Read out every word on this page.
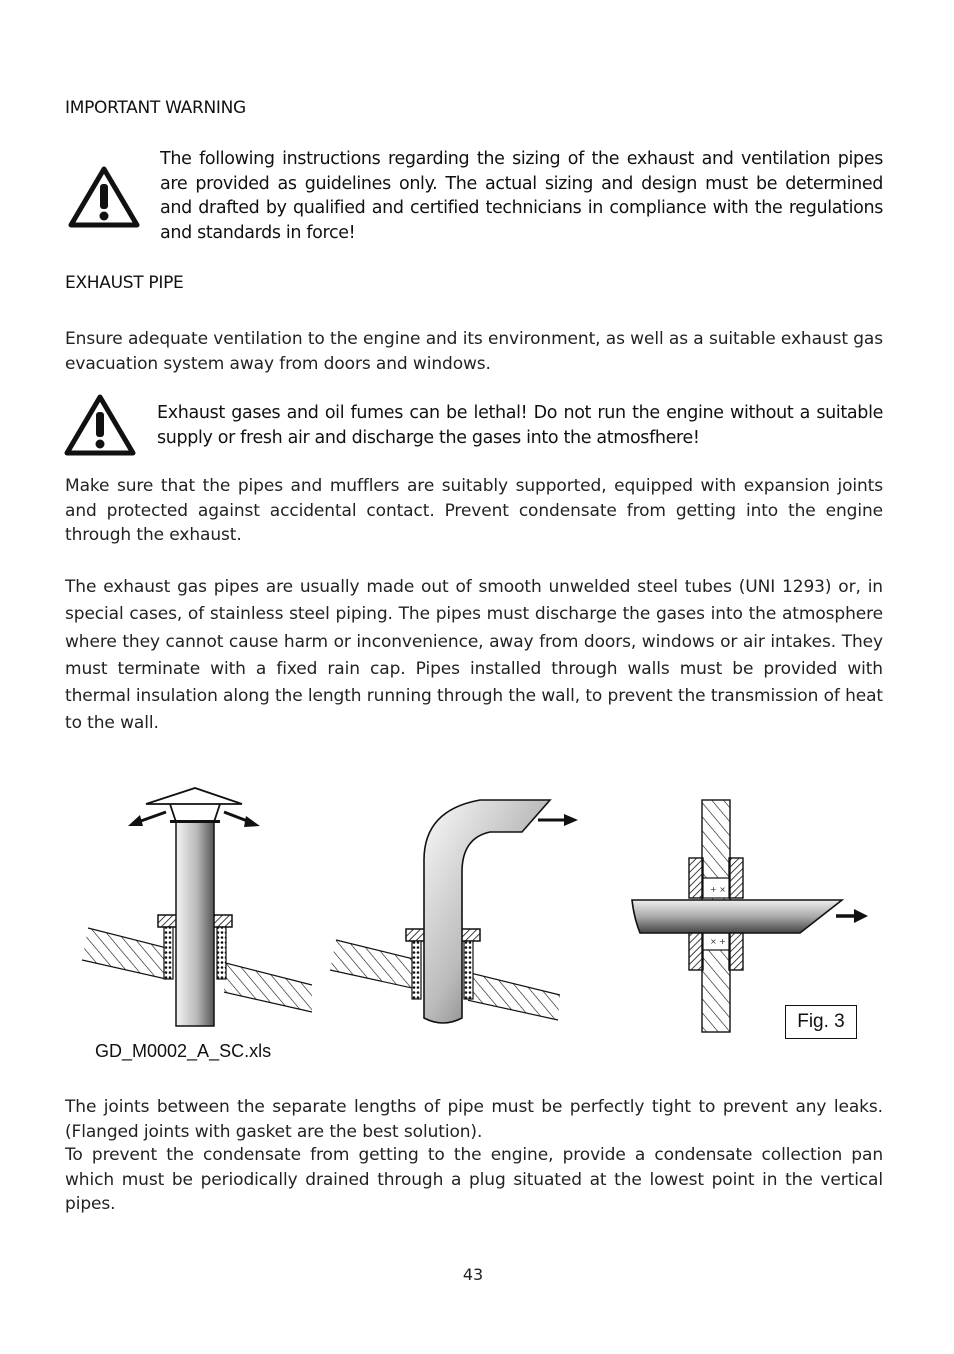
IMPORTANT WARNING
The following instructions regarding the sizing of the exhaust and ventilation pipes are provided as guidelines only. The actual sizing and design must be determined and drafted by qualified and certified technicians in compliance with the regulations and standards in force!
EXHAUST PIPE
Ensure adequate ventilation to the engine and its environment, as well as a suitable exhaust gas evacuation system away from doors and windows.
Exhaust gases and oil fumes can be lethal! Do not run the engine without a suitable supply or fresh air and discharge the gases into the atmosfhere!
Make sure that the pipes and mufflers are suitably supported, equipped with expansion joints and protected against accidental contact. Prevent condensate from getting into the engine through the exhaust.
The exhaust gas pipes are usually made out of smooth unwelded steel tubes (UNI 1293) or, in special cases, of stainless steel piping. The pipes must discharge the gases into the atmosphere where they cannot cause harm or inconvenience, away from doors, windows or air intakes. They must terminate with a fixed rain cap. Pipes installed through walls must be provided with thermal insulation along the length running through the wall, to prevent the transmission of heat to the wall.
+ ×
× +
GD_M0002_A_SC.xls
Fig. 3
The joints between the separate lengths of pipe must be perfectly tight to prevent any leaks. (Flanged joints with gasket are the best solution).
To prevent the condensate from getting to the engine, provide a condensate collection pan which must be periodically drained through a plug situated at the lowest point in the vertical pipes.
43
